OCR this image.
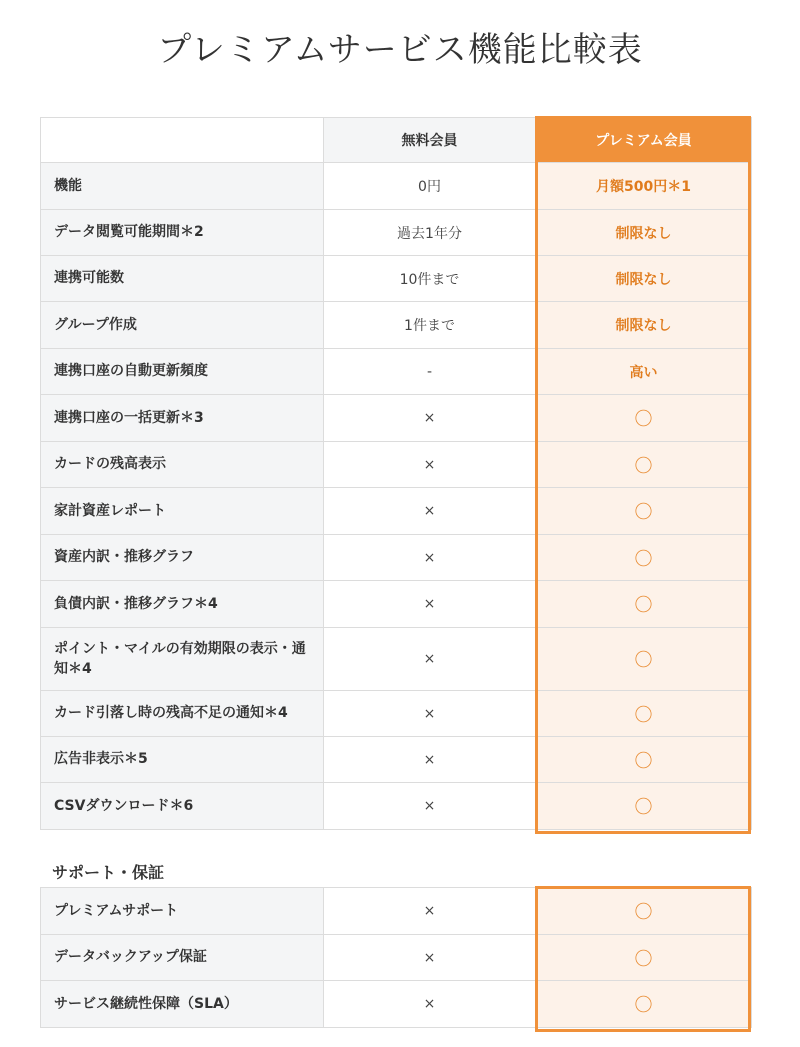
プレミアムサービス機能比較表
	無料会員	プレミアム会員
機能	0円	月額500円＊1
データ閲覧可能期間＊2	過去1年分	制限なし
連携可能数	10件まで	制限なし
グループ作成	1件まで	制限なし
連携口座の自動更新頻度	-	高い
連携口座の一括更新＊3	×	〇
カードの残高表示	×	〇
家計資産レポート	×	〇
資産内訳・推移グラフ	×	〇
負債内訳・推移グラフ＊4	×	〇
ポイント・マイルの有効期限の表示・通知＊4	×	〇
カード引落し時の残高不足の通知＊4	×	〇
広告非表示＊5	×	〇
CSVダウンロード＊6	×	〇
サポート・保証
プレミアムサポート	×	〇
データバックアップ保証	×	〇
サービス継続性保障（SLA）	×	〇
